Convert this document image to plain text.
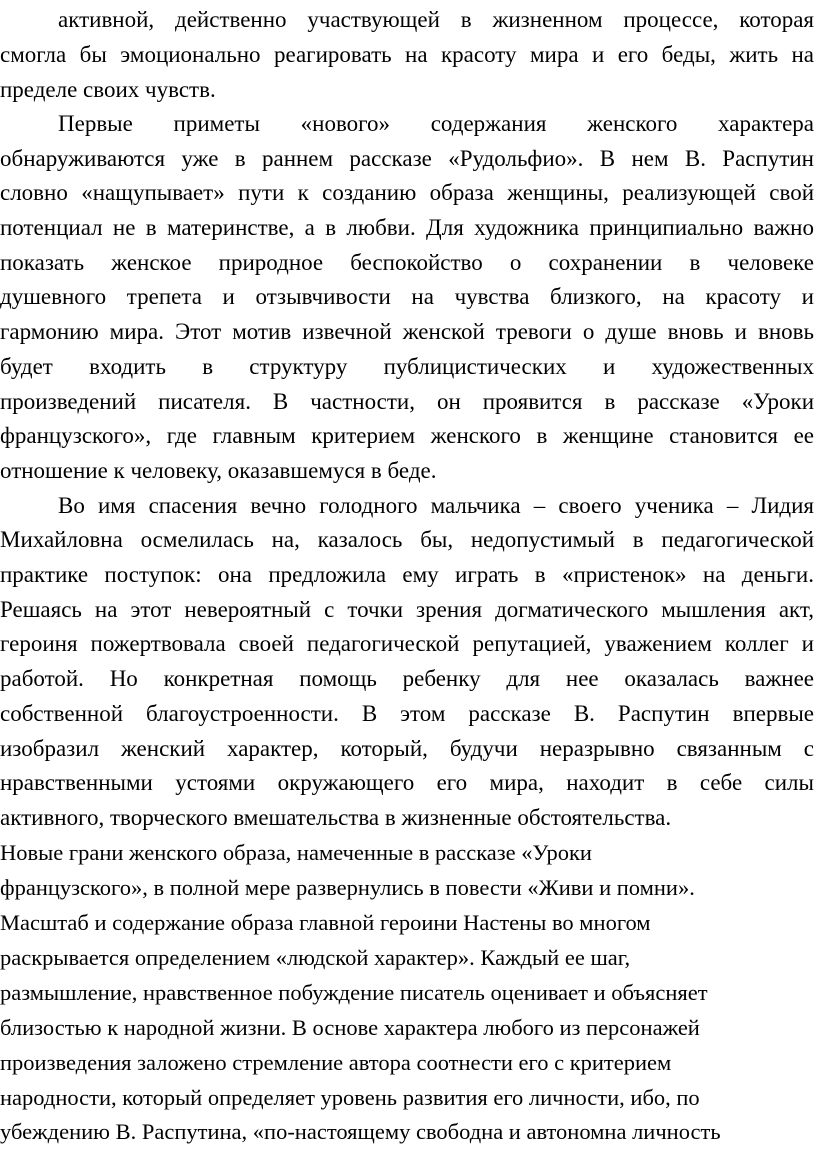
активной, действенно участвующей в жизненном процессе, которая
смогла бы эмоционально реагировать на красоту мира и его беды, жить на
пределе своих чувств.
Первые приметы «нового» содержания женского характера
обнаруживаются уже в раннем рассказе «Рудольфио». В нем В. Распутин
словно «нащупывает» пути к созданию образа женщины, реализующей свой
потенциал не в материнстве, а в любви. Для художника принципиально важно
показать женское природное беспокойство о сохранении в человеке
душевного трепета и отзывчивости на чувства близкого, на красоту и
гармонию мира. Этот мотив извечной женской тревоги о душе вновь и вновь
будет входить в структуру публицистических и художественных
произведений писателя. В частности, он проявится в рассказе «Уроки
французского», где главным критерием женского в женщине становится ее
отношение к человеку, оказавшемуся в беде.
Во имя спасения вечно голодного мальчика – своего ученика – Лидия
Михайловна осмелилась на, казалось бы, недопустимый в педагогической
практике поступок: она предложила ему играть в «пристенок» на деньги.
Решаясь на этот невероятный с точки зрения догматического мышления акт,
героиня пожертвовала своей педагогической репутацией, уважением коллег и
работой. Но конкретная помощь ребенку для нее оказалась важнее
собственной благоустроенности. В этом рассказе В. Распутин впервые
изобразил женский характер, который, будучи неразрывно связанным с
нравственными устоями окружающего его мира, находит в себе силы
активного, творческого вмешательства в жизненные обстоятельства.
Новые грани женского образа, намеченные в рассказе «Уроки
французского», в полной мере развернулись в повести «Живи и помни».
Масштаб и содержание образа главной героини Настены во многом
раскрывается определением «людской характер». Каждый ее шаг,
размышление, нравственное побуждение писатель оценивает и объясняет
близостью к народной жизни. В основе характера любого из персонажей
произведения заложено стремление автора соотнести его с критерием
народности, который определяет уровень развития его личности, ибо, по
убеждению В. Распутина, «по-настоящему свободна и автономна личность
